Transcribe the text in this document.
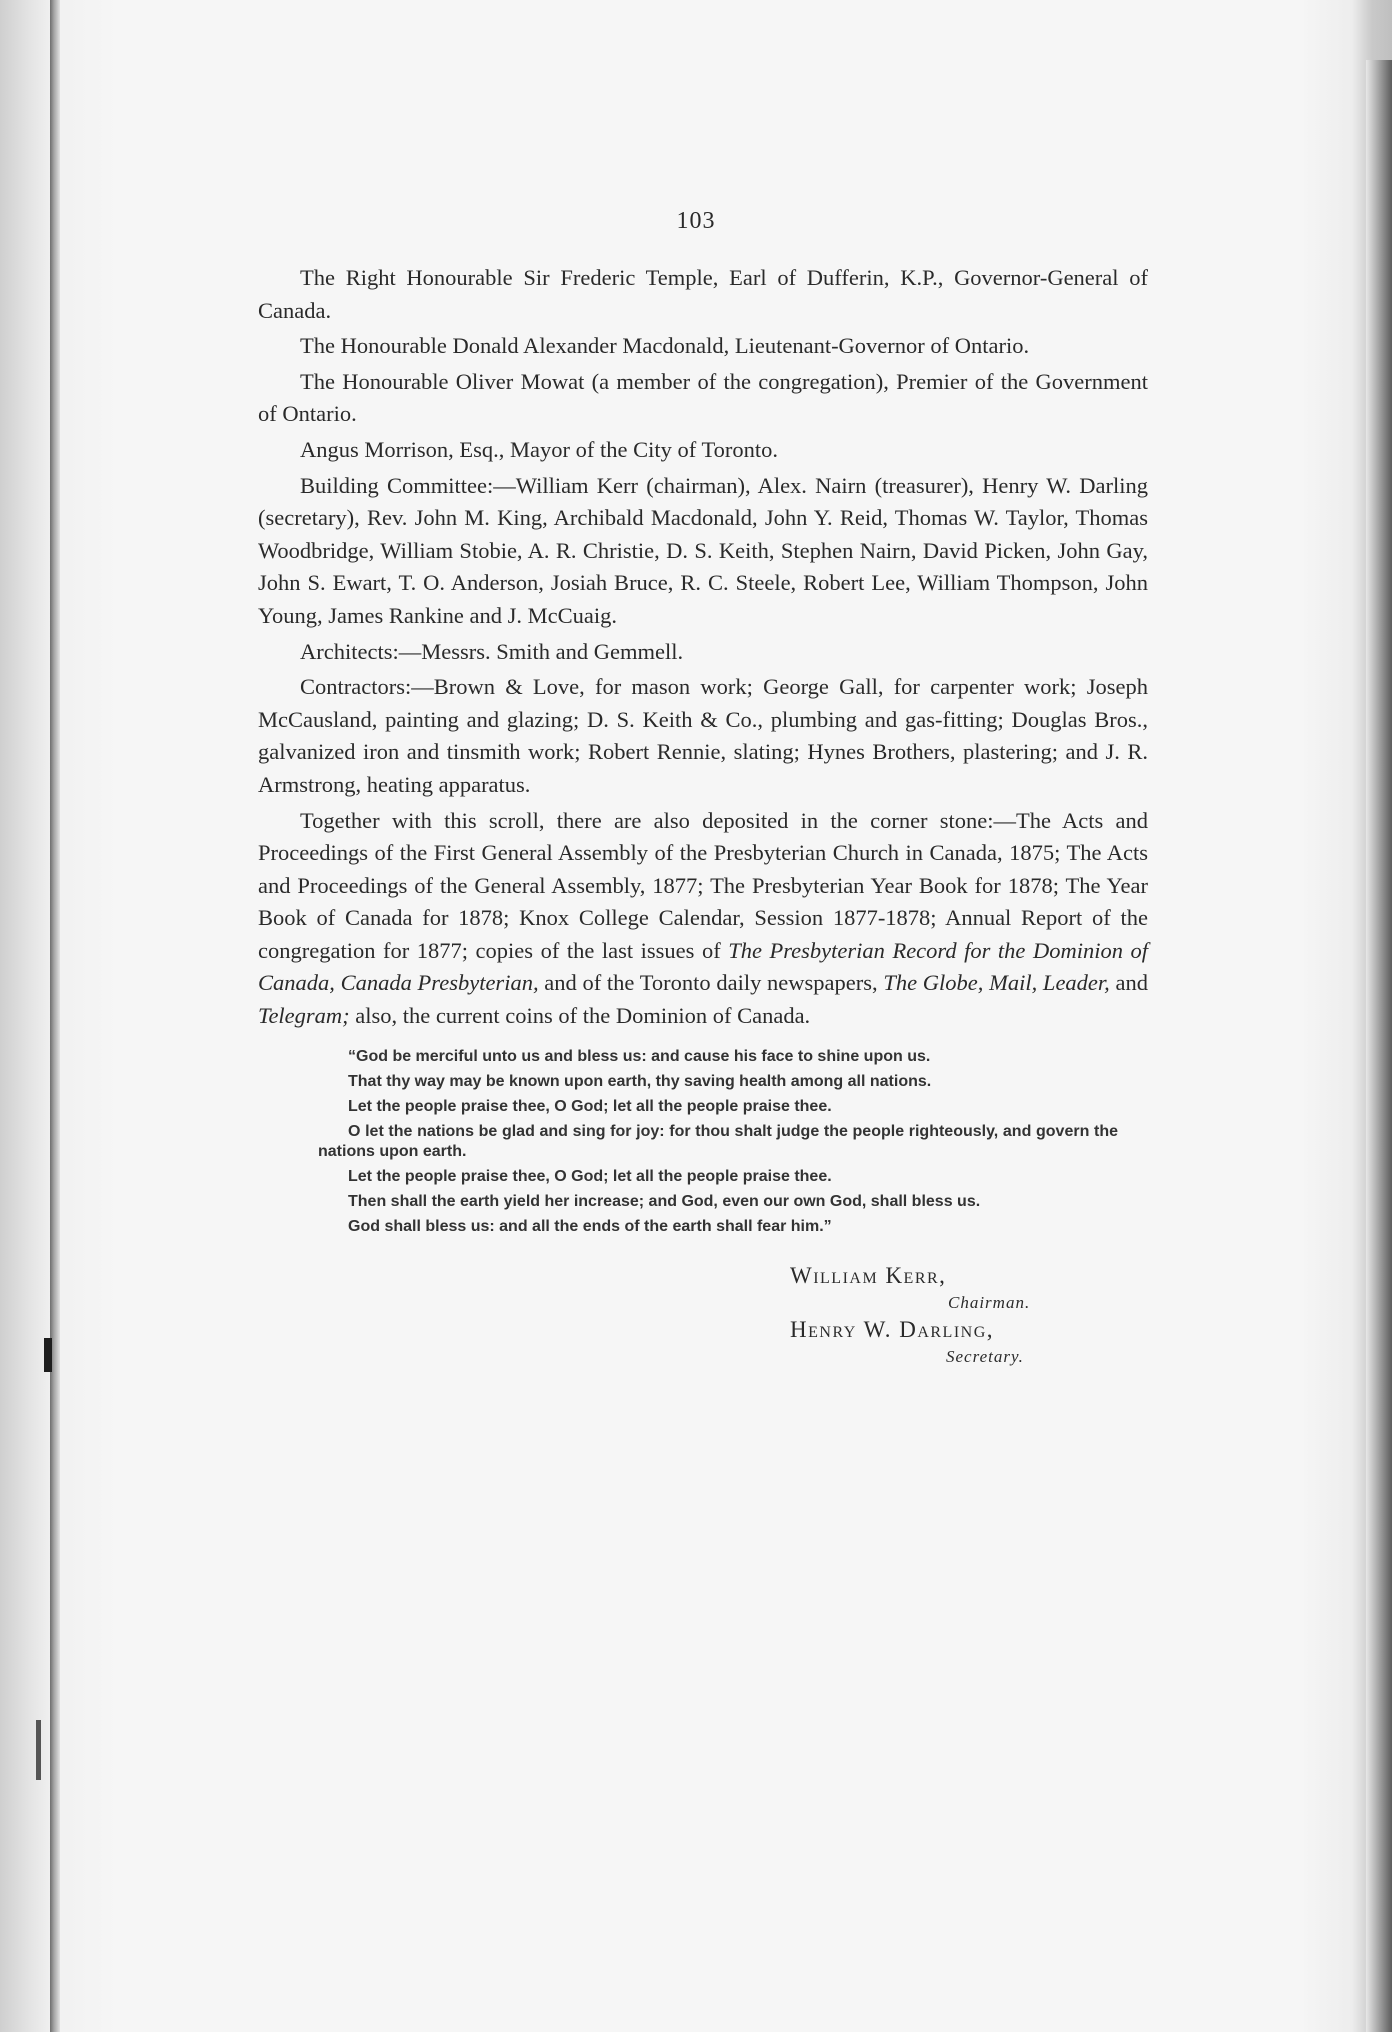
103

The Right Honourable Sir Frederic Temple, Earl of Dufferin, K.P., Governor-General of Canada.

The Honourable Donald Alexander Macdonald, Lieutenant-Governor of Ontario.

The Honourable Oliver Mowat (a member of the congregation), Premier of the Government of Ontario.

Angus Morrison, Esq., Mayor of the City of Toronto.

Building Committee:—William Kerr (chairman), Alex. Nairn (treasurer), Henry W. Darling (secretary), Rev. John M. King, Archibald Macdonald, John Y. Reid, Thomas W. Taylor, Thomas Woodbridge, William Stobie, A. R. Christie, D. S. Keith, Stephen Nairn, David Picken, John Gay, John S. Ewart, T. O. Anderson, Josiah Bruce, R. C. Steele, Robert Lee, William Thompson, John Young, James Rankine and J. McCuaig.

Architects:—Messrs. Smith and Gemmell.

Contractors:—Brown & Love, for mason work; George Gall, for carpenter work; Joseph McCausland, painting and glazing; D. S. Keith & Co., plumbing and gas-fitting; Douglas Bros., galvanized iron and tinsmith work; Robert Rennie, slating; Hynes Brothers, plastering; and J. R. Armstrong, heating apparatus.

Together with this scroll, there are also deposited in the corner stone:—The Acts and Proceedings of the First General Assembly of the Presbyterian Church in Canada, 1875; The Acts and Proceedings of the General Assembly, 1877; The Presbyterian Year Book for 1878; The Year Book of Canada for 1878; Knox College Calendar, Session 1877-1878; Annual Report of the congregation for 1877; copies of the last issues of The Presbyterian Record for the Dominion of Canada, Canada Presbyterian, and of the Toronto daily newspapers, The Globe, Mail, Leader, and Telegram; also, the current coins of the Dominion of Canada.

“God be merciful unto us and bless us: and cause his face to shine upon us.

That thy way may be known upon earth, thy saving health among all nations.

Let the people praise thee, O God; let all the people praise thee.

O let the nations be glad and sing for joy: for thou shalt judge the people righteously, and govern the nations upon earth.

Let the people praise thee, O God; let all the people praise thee.

Then shall the earth yield her increase; and God, even our own God, shall bless us.

God shall bless us: and all the ends of the earth shall fear him.”

William Kerr,
Chairman.
Henry W. Darling,
Secretary.
